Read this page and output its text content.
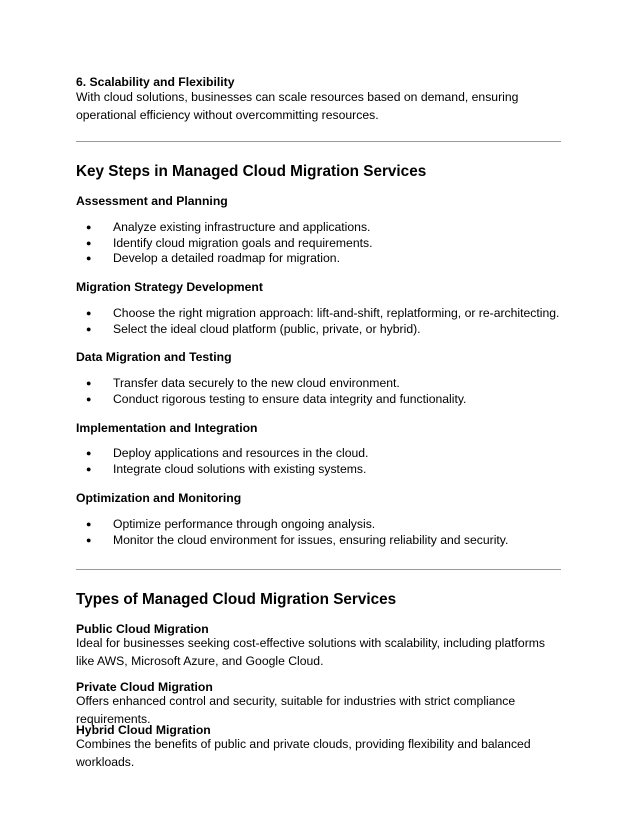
6. Scalability and Flexibility

With cloud solutions, businesses can scale resources based on demand, ensuring operational efficiency without overcommitting resources.

Key Steps in Managed Cloud Migration Services

Assessment and Planning

● Analyze existing infrastructure and applications.
● Identify cloud migration goals and requirements.
● Develop a detailed roadmap for migration.

Migration Strategy Development

● Choose the right migration approach: lift-and-shift, replatforming, or re-architecting.
● Select the ideal cloud platform (public, private, or hybrid).

Data Migration and Testing

● Transfer data securely to the new cloud environment.
● Conduct rigorous testing to ensure data integrity and functionality.

Implementation and Integration

● Deploy applications and resources in the cloud.
● Integrate cloud solutions with existing systems.

Optimization and Monitoring

● Optimize performance through ongoing analysis.
● Monitor the cloud environment for issues, ensuring reliability and security.

Types of Managed Cloud Migration Services

Public Cloud Migration

Ideal for businesses seeking cost-effective solutions with scalability, including platforms like AWS, Microsoft Azure, and Google Cloud.

Private Cloud Migration

Offers enhanced control and security, suitable for industries with strict compliance requirements.

Hybrid Cloud Migration

Combines the benefits of public and private clouds, providing flexibility and balanced workloads.
